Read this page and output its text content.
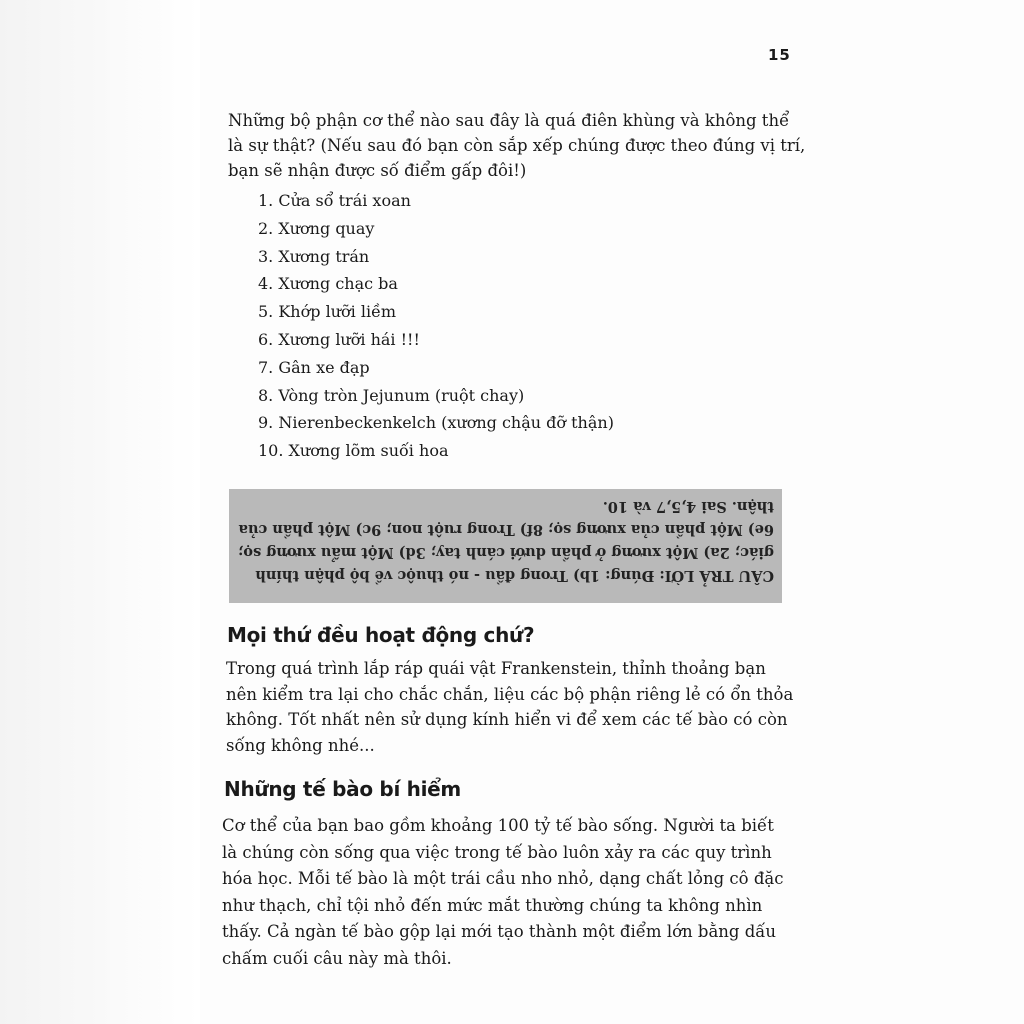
15

Những bộ phận cơ thể nào sau đây là quá điên khùng và không thể là sự thật? (Nếu sau đó bạn còn sắp xếp chúng được theo đúng vị trí, bạn sẽ nhận được số điểm gấp đôi!)

1. Cửa sổ trái xoan
2. Xương quay
3. Xương trán
4. Xương chạc ba
5. Khớp lưỡi liềm
6. Xương lưỡi hái !!!
7. Gân xe đạp
8. Vòng tròn Jejunum (ruột chay)
9. Nierenbeckenkelch (xương chậu đỡ thận)
10. Xương lõm suối hoa

CÂU TRẢ LỜI: Đúng: 1b) Trong đầu - nó thuộc về bộ phận thính giác; 2a) Một xương ở phần dưới cánh tay; 3d) Một mẩu xương sọ; 6e) Một phần của xương sọ; 8f) Trong ruột non; 9c) Một phần của thận. Sai 4,5,7 và 10.

Mọi thứ đều hoạt động chứ?

Trong quá trình lắp ráp quái vật Frankenstein, thỉnh thoảng bạn nên kiểm tra lại cho chắc chắn, liệu các bộ phận riêng lẻ có ổn thỏa không. Tốt nhất nên sử dụng kính hiển vi để xem các tế bào có còn sống không nhé...

Những tế bào bí hiểm

Cơ thể của bạn bao gồm khoảng 100 tỷ tế bào sống. Người ta biết là chúng còn sống qua việc trong tế bào luôn xảy ra các quy trình hóa học. Mỗi tế bào là một trái cầu nho nhỏ, dạng chất lỏng cô đặc như thạch, chỉ tội nhỏ đến mức mắt thường chúng ta không nhìn thấy. Cả ngàn tế bào gộp lại mới tạo thành một điểm lớn bằng dấu chấm cuối câu này mà thôi.
